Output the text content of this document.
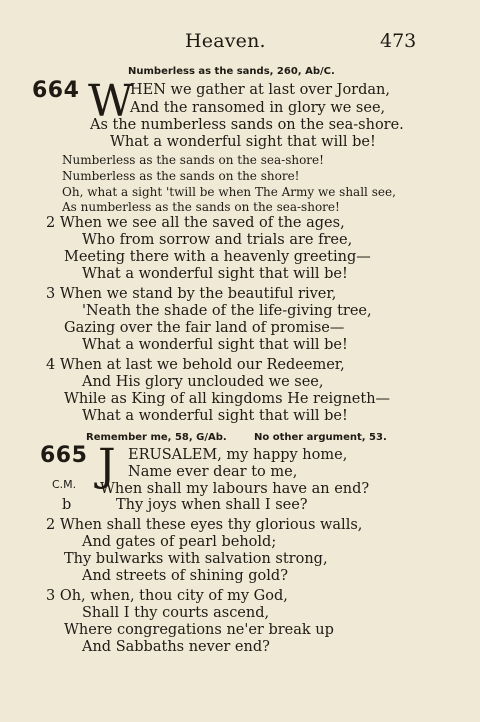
Heaven.	473
Numberless as the sands, 260, Ab/C.
664 W
HEN we gather at last over Jordan,
And the ransomed in glory we see,
As the numberless sands on the sea-shore.
What a wonderful sight that will be!
Numberless as the sands on the sea-shore!
Numberless as the sands on the shore!
Oh, what a sight 'twill be when The Army we shall see,
As numberless as the sands on the sea-shore!
2 When we see all the saved of the ages,
Who from sorrow and trials are free,
Meeting there with a heavenly greeting—
What a wonderful sight that will be!
3 When we stand by the beautiful river,
'Neath the shade of the life-giving tree,
Gazing over the fair land of promise—
What a wonderful sight that will be!
4 When at last we behold our Redeemer,
And His glory unclouded we see,
While as King of all kingdoms He reigneth—
What a wonderful sight that will be!
Remember me, 58, G/Ab.	No other argument, 53.
665 J ERUSALEM, my happy home,
Name ever dear to me,
C.M. When shall my labours have an end?
b	Thy joys when shall I see?
2 When shall these eyes thy glorious walls,
And gates of pearl behold;
Thy bulwarks with salvation strong,
And streets of shining gold?
3 Oh, when, thou city of my God,
Shall I thy courts ascend,
Where congregations ne'er break up
And Sabbaths never end?
